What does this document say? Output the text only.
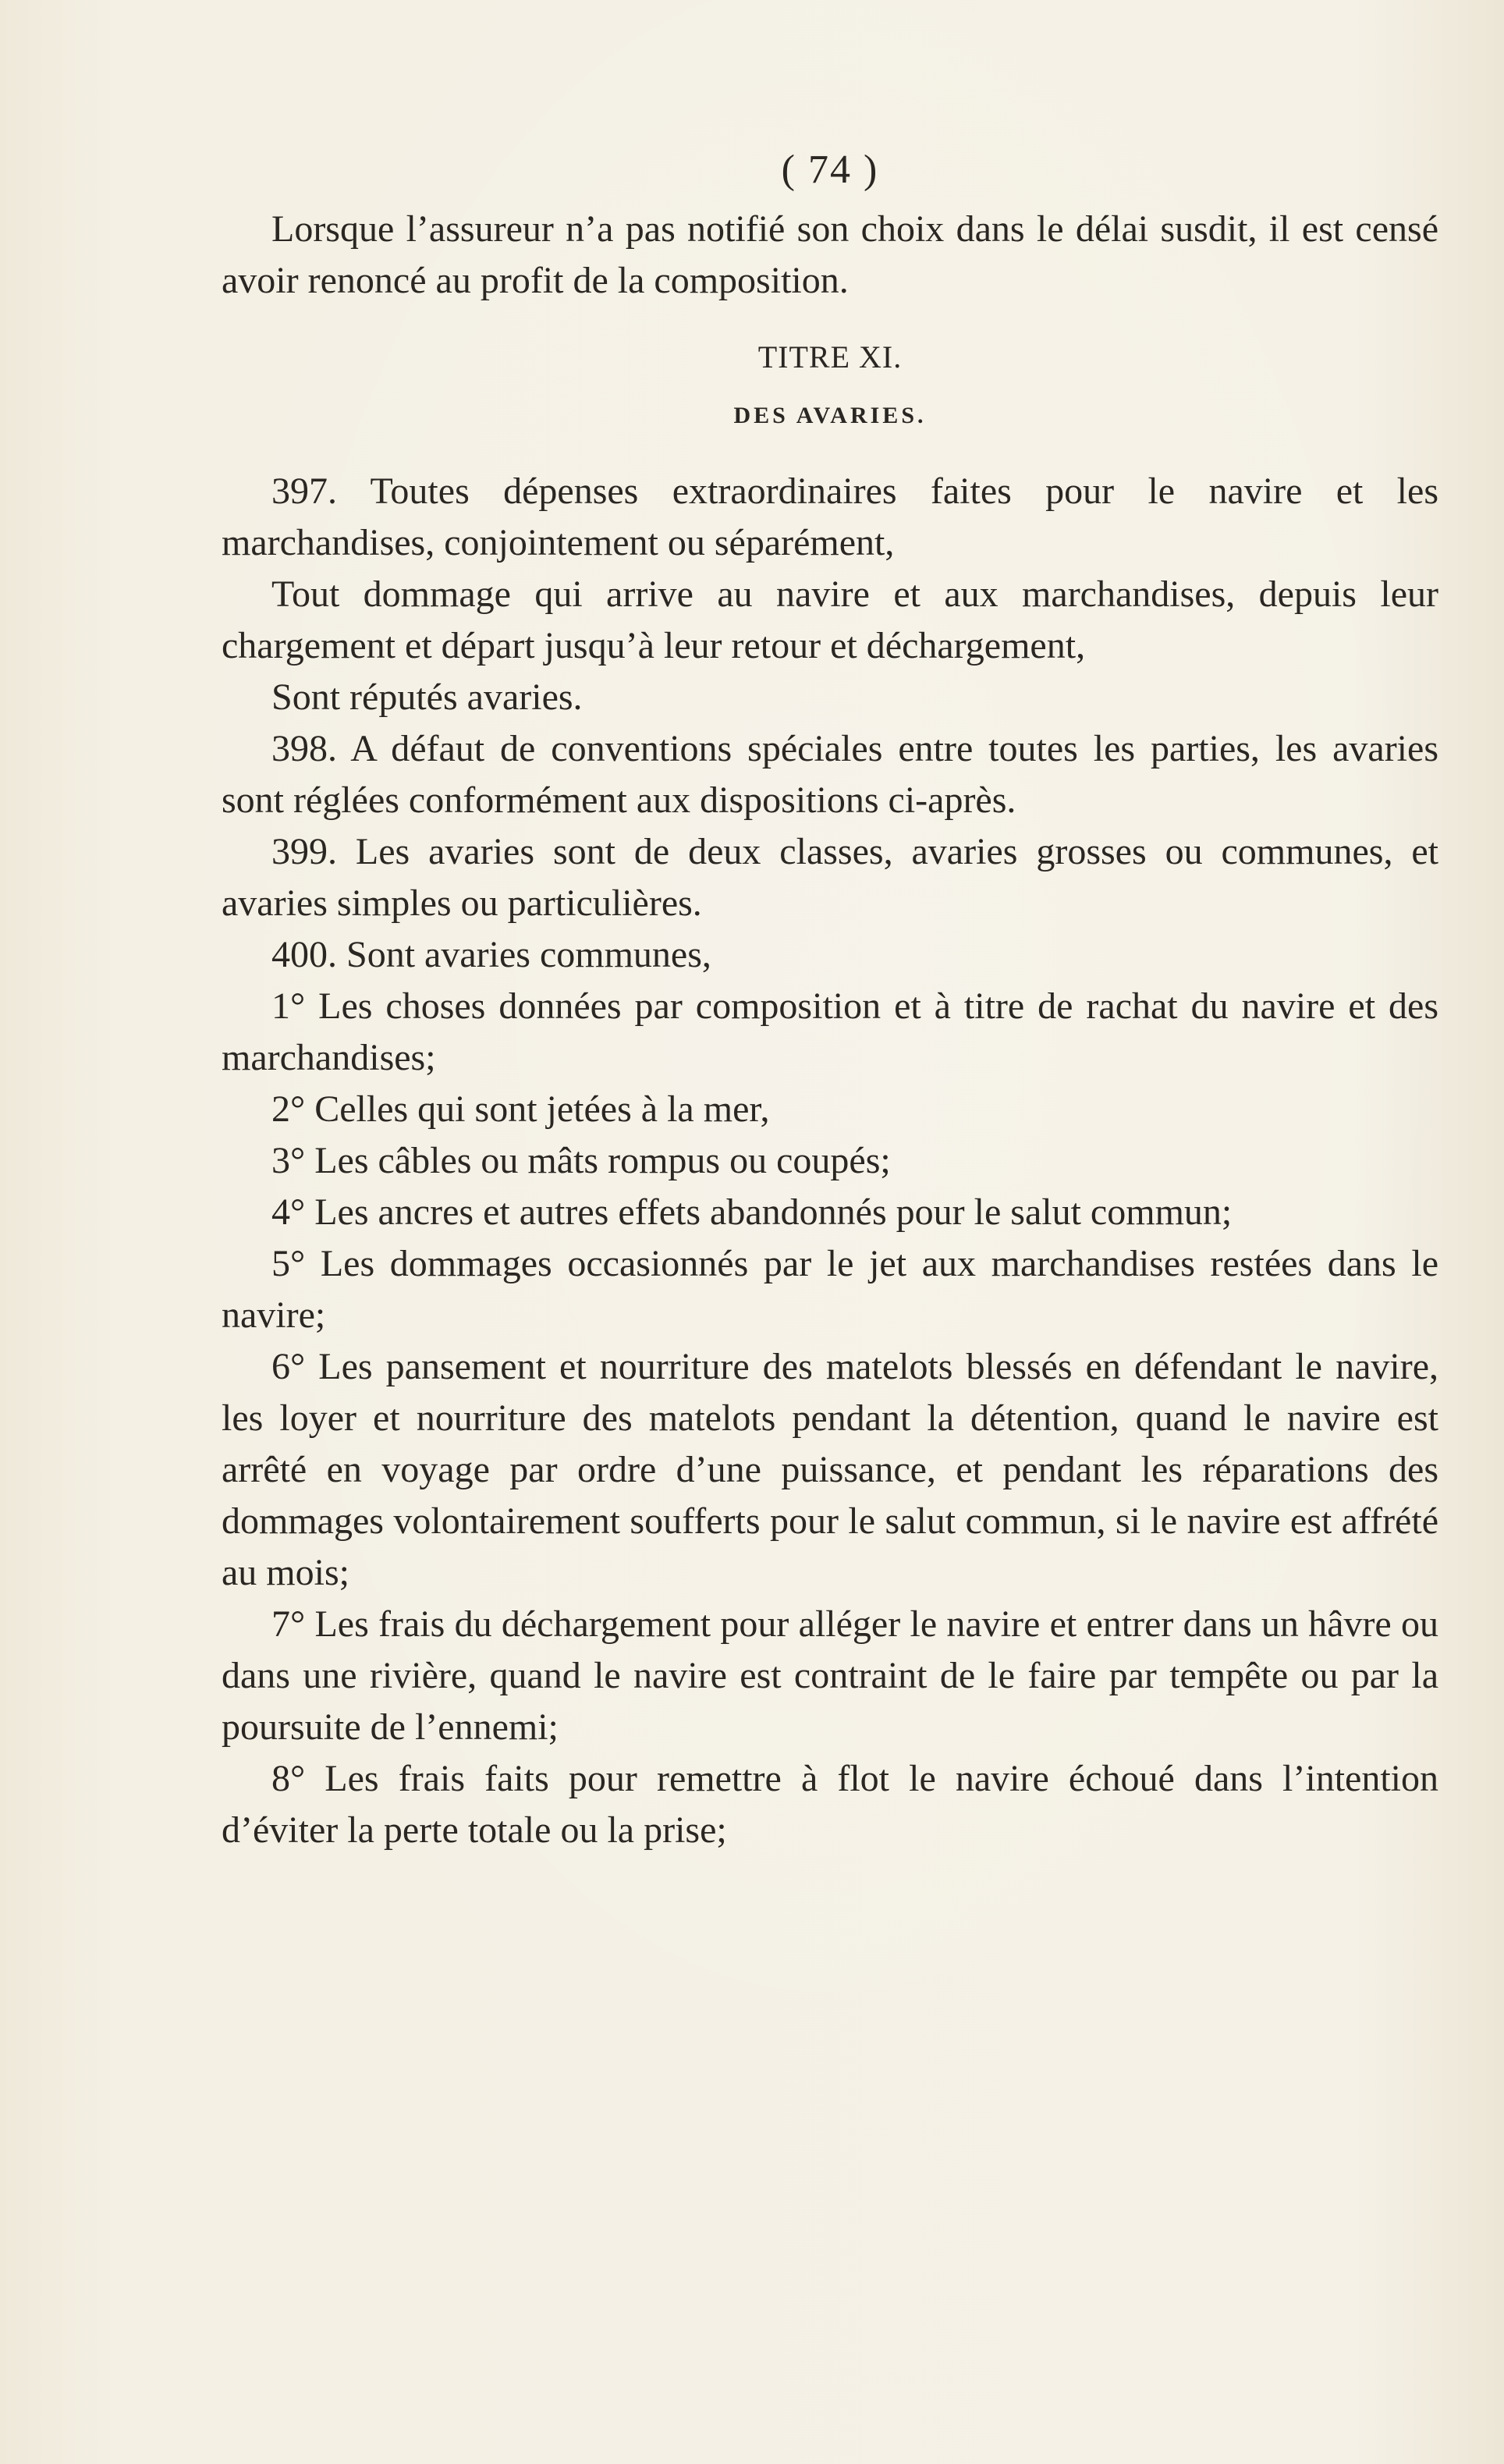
( 74 )

Lorsque l’assureur n’a pas notifié son choix dans le délai susdit, il est censé avoir renoncé au profit de la composition.

TITRE XI.
DES AVARIES.

397. Toutes dépenses extraordinaires faites pour le navire et les marchandises, conjointement ou séparément,

Tout dommage qui arrive au navire et aux marchandises, depuis leur chargement et départ jusqu’à leur retour et déchargement,

Sont réputés avaries.

398. A défaut de conventions spéciales entre toutes les parties, les avaries sont réglées conformément aux dispositions ci-après.

399. Les avaries sont de deux classes, avaries grosses ou communes, et avaries simples ou particulières.

400. Sont avaries communes,

1° Les choses données par composition et à titre de rachat du navire et des marchandises;

2° Celles qui sont jetées à la mer,

3° Les câbles ou mâts rompus ou coupés;

4° Les ancres et autres effets abandonnés pour le salut commun;

5° Les dommages occasionnés par le jet aux marchandises restées dans le navire;

6° Les pansement et nourriture des matelots blessés en défendant le navire, les loyer et nourriture des matelots pendant la détention, quand le navire est arrêté en voyage par ordre d’une puissance, et pendant les réparations des dommages volontairement soufferts pour le salut commun, si le navire est affrété au mois;

7° Les frais du déchargement pour alléger le navire et entrer dans un hâvre ou dans une rivière, quand le navire est contraint de le faire par tempête ou par la poursuite de l’ennemi;

8° Les frais faits pour remettre à flot le navire échoué dans l’intention d’éviter la perte totale ou la prise;
